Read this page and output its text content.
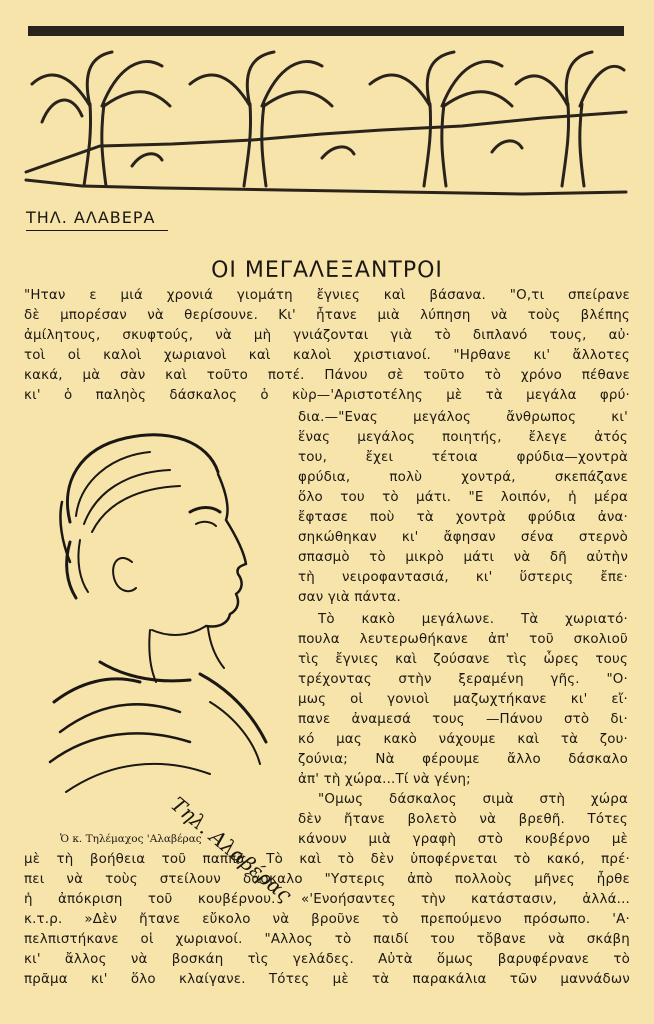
ΤΗΛ. ΑΛΑΒΕΡΑ
ΟΙ ΜΕΓΑΛΕΞΑΝΤΡΟΙ
"Ηταν ε μιά χρονιά γιομάτη ἔγνιες καὶ βάσανα. "Ο,τι σπείρανε
δὲ μπορέσαν νὰ θερίσουνε. Κι' ἦτανε μιὰ λύπηση νὰ τοὺς βλέπης
ἀμίλητους, σκυφτούς, νὰ μὴ γνιάζονται γιὰ τὸ διπλανό τους, αὐ·
τοὶ οἱ καλοὶ χωριανοὶ καὶ καλοὶ χριστιανοί. "Ηρθανε κι' ἄλλοτες
κακά, μὰ σὰν καὶ τοῦτο ποτέ. Πάνου σὲ τοῦτο τὸ χρόνο πέθανε
κι' ὁ παληὸς δάσκαλος ὁ κὺρ—'Αριστοτέλης μὲ τὰ μεγάλα φρύ·
δια.—"Ενας μεγάλος ἄνθρωπος κι'
ἕνας μεγάλος ποιητής, ἔλεγε ἀτός
του, ἔχει τέτοια φρύδια—χοντρὰ
φρύδια, πολὺ χοντρά, σκεπάζανε
ὅλο του τὸ μάτι. "Ε λοιπόν, ἡ μέρα
ἔφτασε ποὺ τὰ χοντρὰ φρύδια ἀνα·
σηκώθηκαν κι' ἄφησαν σένα στερνὸ
σπασμὸ τὸ μικρὸ μάτι νὰ δῆ αὐτὴν
τὴ νειροφαντασιά, κι' ὕστερις ἔπε·
σαν γιὰ πάντα.
Τὸ κακὸ μεγάλωνε. Τὰ χωριατό·
πουλα λευτερωθήκανε ἀπ' τοῦ σκολιοῦ
τὶς ἔγνιες καὶ ζούσανε τὶς ὧρες τους
τρέχοντας στὴν ξεραμένη γῆς. "Ο·
μως οἱ γονιοὶ μαζωχτήκανε κι' εἴ·
πανε ἀναμεσά τους —Πάνου στὸ δι·
κό μας κακὸ νάχουμε καὶ τὰ ζου·
ζούνια; Νὰ φέρουμε ἄλλο δάσκαλο
ἀπ' τὴ χώρα...Τί νὰ γένη;
"Ομως δάσκαλος σιμὰ στὴ χώρα
δὲν ἤτανε βολετὸ νὰ βρεθῆ. Τότες
κάνουν μιὰ γραφὴ στὸ κουβέρνο μὲ
Τηλ. Αλαβέρας
Ὁ κ. Τηλέμαχος 'Αλαβέρας
μὲ τὴ βοήθεια τοῦ παππᾶ. Τὸ καὶ τὸ δὲν ὑποφέρνεται τὸ κακό, πρέ·
πει νὰ τοὺς στείλουν δάσκαλο "Υστερις ἀπὸ πολλοὺς μῆνες ἦρθε
ἡ ἀπόκριση τοῦ κουβέρνου. «'Ενοήσαντες τὴν κατάστασιν, ἀλλά...
κ.τ.ρ. »Δὲν ἤτανε εὔκολο νὰ βροῦνε τὸ πρεπούμενο πρόσωπο. 'Α·
πελπιστήκανε οἱ χωριανοί. "Αλλος τὸ παιδί του τὄβανε νὰ σκάβη
κι' ἄλλος νὰ βοσκάη τὶς γελάδες. Αὐτὰ ὅμως βαρυφέρνανε τὸ
πρᾶμα κι' ὅλο κλαίγανε. Τότες μὲ τὰ παρακάλια τῶν μαννάδων
